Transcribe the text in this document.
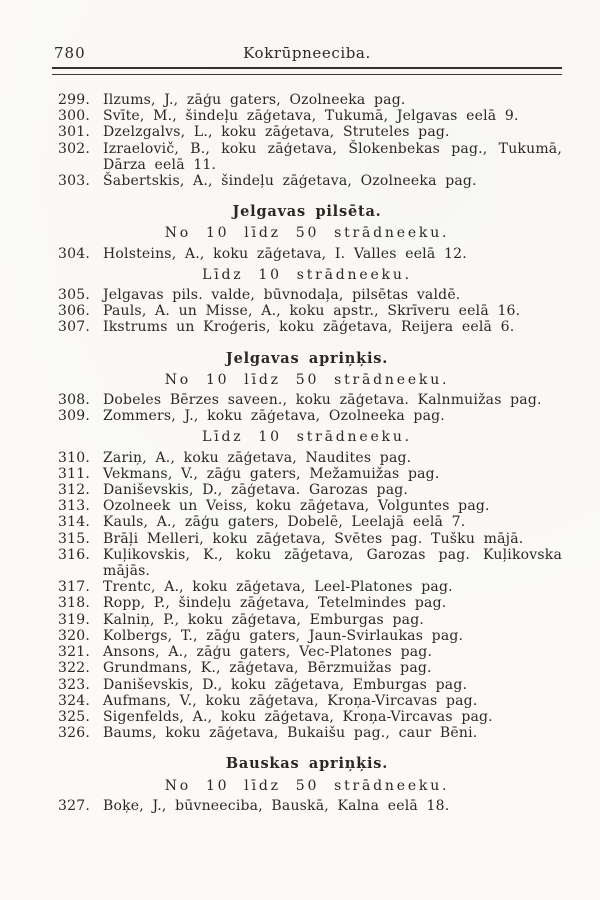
780	Kokrūpneeciba.
299. Ilzums, J., zāģu gaters, Ozolneeka pag.
300. Svīte, M., šindeļu zāģetava, Tukumā, Jelgavas eelā 9.
301. Dzelzgalvs, L., koku zāģetava, Struteles pag.
302. Izraelovič, B., koku zāģetava, Šlokenbekas pag., Tukumā, Dārza eelā 11.
303. Šabertskis, A., šindeļu zāģetava, Ozolneeka pag.
Jelgavas pilsēta.
No 10 līdz 50 strādneeku.
304. Holsteins, A., koku zāģetava, I. Valles eelā 12.
Līdz 10 strādneeku.
305. Jelgavas pils. valde, būvnodaļa, pilsētas valdē.
306. Pauls, A. un Misse, A., koku apstr., Skrīveru eelā 16.
307. Ikstrums un Kroģeris, koku zāģetava, Reijera eelā 6.
Jelgavas apriņķis.
No 10 līdz 50 strādneeku.
308. Dobeles Bērzes saveen., koku zāģetava. Kalnmuižas pag.
309. Zommers, J., koku zāģetava, Ozolneeka pag.
Līdz 10 strādneeku.
310. Zariņ, A., koku zāģetava, Naudites pag.
311. Vekmans, V., zāģu gaters, Mežamuižas pag.
312. Daniševskis, D., zāģetava. Garozas pag.
313. Ozolneek un Veiss, koku zāģetava, Volguntes pag.
314. Kauls, A., zāģu gaters, Dobelē, Leelajā eelā 7.
315. Brāļi Melleri, koku zāģetava, Svētes pag. Tušku mājā.
316. Kuļikovskis, K., koku zāģetava, Garozas pag. Kuļikovska mājās.
317. Trentc, A., koku zāģetava, Leel-Platones pag.
318. Ropp, P., šindeļu zāģetava, Tetelmindes pag.
319. Kalniņ, P., koku zāģetava, Emburgas pag.
320. Kolbergs, T., zāģu gaters, Jaun-Svirlaukas pag.
321. Ansons, A., zāģu gaters, Vec-Platones pag.
322. Grundmans, K., zāģetava, Bērzmuižas pag.
323. Daniševskis, D., koku zāģetava, Emburgas pag.
324. Aufmans, V., koku zāģetava, Kroņa-Vircavas pag.
325. Sigenfelds, A., koku zāģetava, Kroņa-Vircavas pag.
326. Baums, koku zāģetava, Bukaišu pag., caur Bēni.
Bauskas apriņķis.
No 10 līdz 50 strādneeku.
327. Boķe, J., būvneeciba, Bauskā, Kalna eelā 18.
